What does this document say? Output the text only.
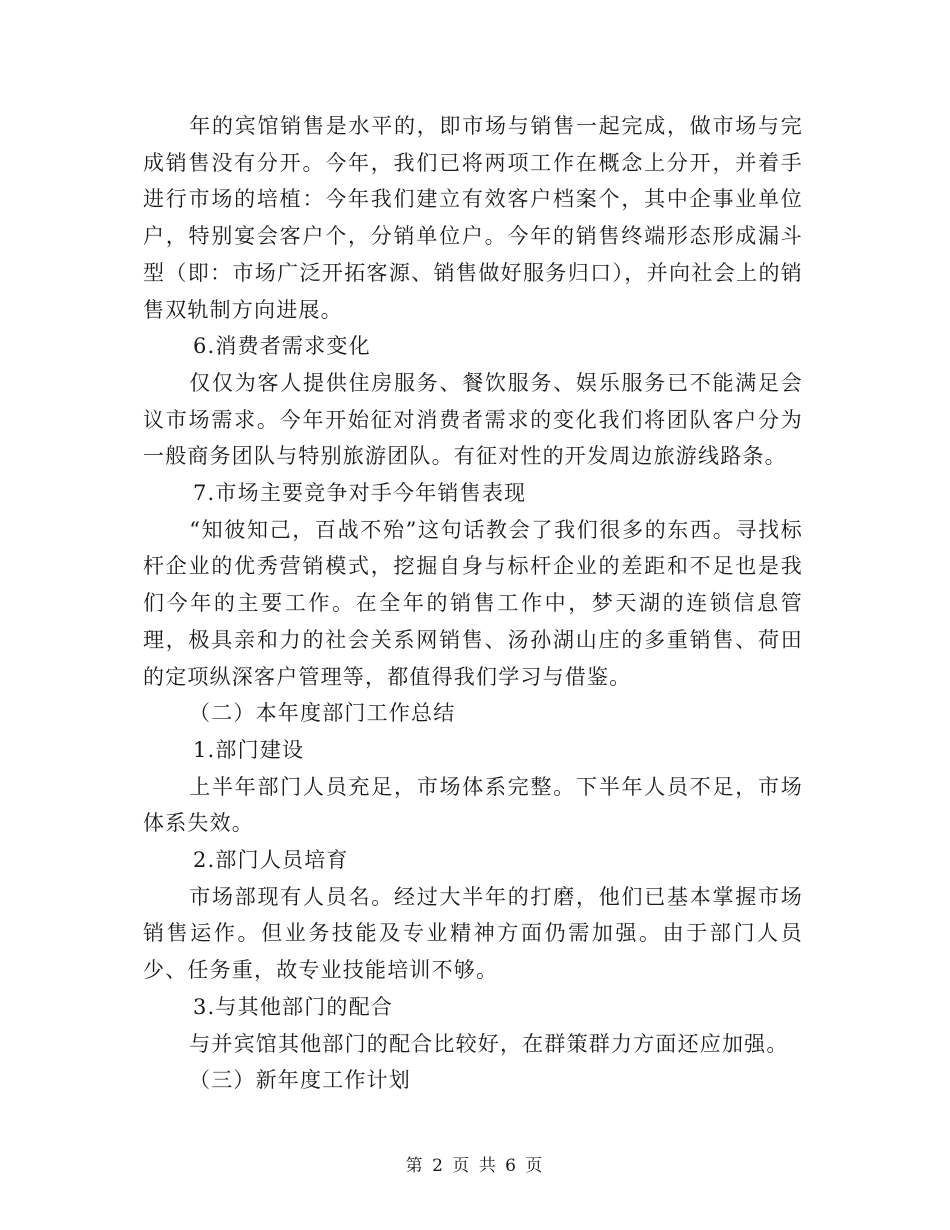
年的宾馆销售是水平的，即市场与销售一起完成，做市场与完成销售没有分开。今年，我们已将两项工作在概念上分开，并着手进行市场的培植：今年我们建立有效客户档案个，其中企事业单位户，特别宴会客户个，分销单位户。今年的销售终端形态形成漏斗型（即：市场广泛开拓客源、销售做好服务归口），并向社会上的销售双轨制方向进展。

6.消费者需求变化

仅仅为客人提供住房服务、餐饮服务、娱乐服务已不能满足会议市场需求。今年开始征对消费者需求的变化我们将团队客户分为一般商务团队与特别旅游团队。有征对性的开发周边旅游线路条。

7.市场主要竞争对手今年销售表现

“知彼知己，百战不殆”这句话教会了我们很多的东西。寻找标杆企业的优秀营销模式，挖掘自身与标杆企业的差距和不足也是我们今年的主要工作。在全年的销售工作中，梦天湖的连锁信息管理，极具亲和力的社会关系网销售、汤孙湖山庄的多重销售、荷田的定项纵深客户管理等，都值得我们学习与借鉴。

（二）本年度部门工作总结

1.部门建设

上半年部门人员充足，市场体系完整。下半年人员不足，市场体系失效。

2.部门人员培育

市场部现有人员名。经过大半年的打磨，他们已基本掌握市场销售运作。但业务技能及专业精神方面仍需加强。由于部门人员少、任务重，故专业技能培训不够。

3.与其他部门的配合

与并宾馆其他部门的配合比较好，在群策群力方面还应加强。

（三）新年度工作计划

第 2 页 共 6 页
